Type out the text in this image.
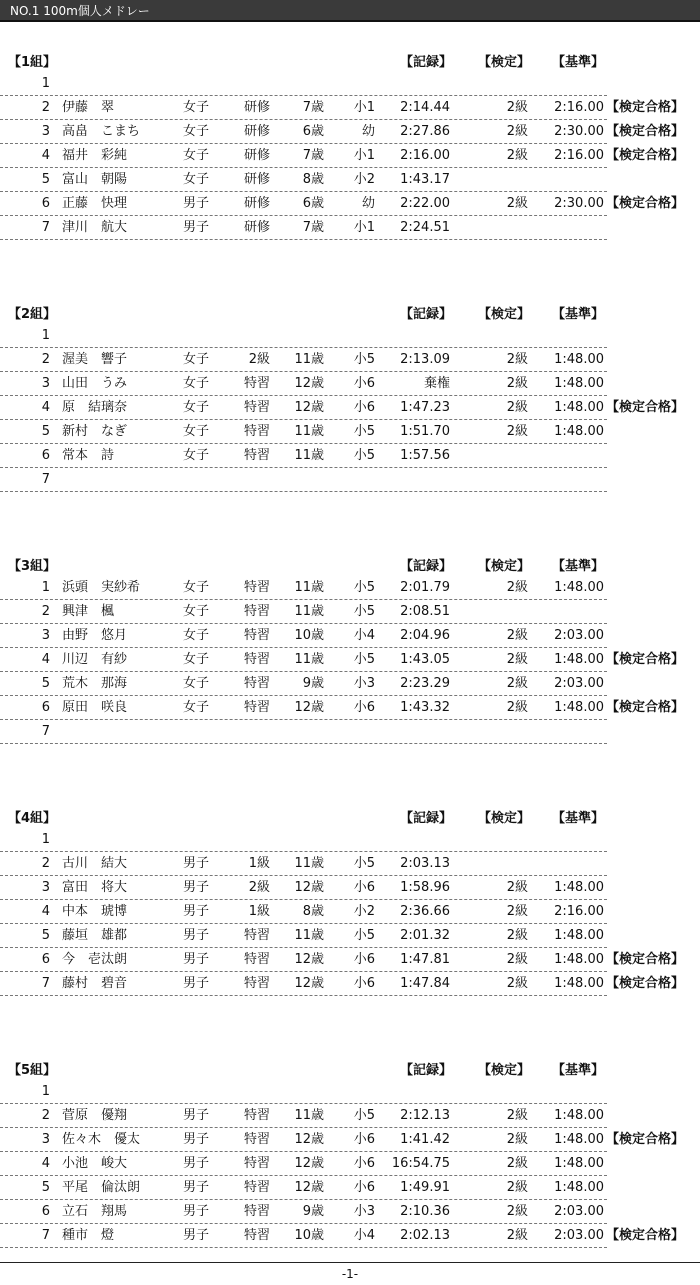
NO.1 100m個人メドレー
【1組】	【記録】 【検定】 【基準】
1
2 伊藤　翠	女子	研修	7歳	小1	2:14.44	2級	2:16.00 【検定合格】
3 高畠　こまち	女子	研修	6歳	幼	2:27.86	2級	2:30.00 【検定合格】
4 福井　彩純	女子	研修	7歳	小1	2:16.00	2級	2:16.00 【検定合格】
5 富山　朝陽	女子	研修	8歳	小2	1:43.17
6 正藤　快理	男子	研修	6歳	幼	2:22.00	2級	2:30.00 【検定合格】
7 津川　航大	男子	研修	7歳	小1	2:24.51
【2組】	【記録】 【検定】 【基準】
1
2 渥美　響子	女子	2級	11歳	小5	2:13.09	2級	1:48.00
3 山田　うみ	女子	特習	12歳	小6	棄権	2級	1:48.00
4 原　結璃奈	女子	特習	12歳	小6	1:47.23	2級	1:48.00 【検定合格】
5 新村　なぎ	女子	特習	11歳	小5	1:51.70	2級	1:48.00
6 常本　詩	女子	特習	11歳	小5	1:57.56
7
【3組】	【記録】 【検定】 【基準】
1 浜頭　実紗希	女子	特習	11歳	小5	2:01.79	2級	1:48.00
2 興津　楓	女子	特習	11歳	小5	2:08.51
3 由野　悠月	女子	特習	10歳	小4	2:04.96	2級	2:03.00
4 川辺　有紗	女子	特習	11歳	小5	1:43.05	2級	1:48.00 【検定合格】
5 荒木　那海	女子	特習	9歳	小3	2:23.29	2級	2:03.00
6 原田　咲良	女子	特習	12歳	小6	1:43.32	2級	1:48.00 【検定合格】
7
【4組】	【記録】 【検定】 【基準】
1
2 古川　結大	男子	1級	11歳	小5	2:03.13
3 富田　将大	男子	2級	12歳	小6	1:58.96	2級	1:48.00
4 中本　琥博	男子	1級	8歳	小2	2:36.66	2級	2:16.00
5 藤垣　雄都	男子	特習	11歳	小5	2:01.32	2級	1:48.00
6 今　壱汰朗	男子	特習	12歳	小6	1:47.81	2級	1:48.00 【検定合格】
7 藤村　碧音	男子	特習	12歳	小6	1:47.84	2級	1:48.00 【検定合格】
【5組】	【記録】 【検定】 【基準】
1
2 菅原　優翔	男子	特習	11歳	小5	2:12.13	2級	1:48.00
3 佐々木　優太	男子	特習	12歳	小6	1:41.42	2級	1:48.00 【検定合格】
4 小池　峻大	男子	特習	12歳	小6	16:54.75	2級	1:48.00
5 平尾　倫汰朗	男子	特習	12歳	小6	1:49.91	2級	1:48.00
6 立石　翔馬	男子	特習	9歳	小3	2:10.36	2級	2:03.00
7 種市　燈	男子	特習	10歳	小4	2:02.13	2級	2:03.00 【検定合格】
-1-
